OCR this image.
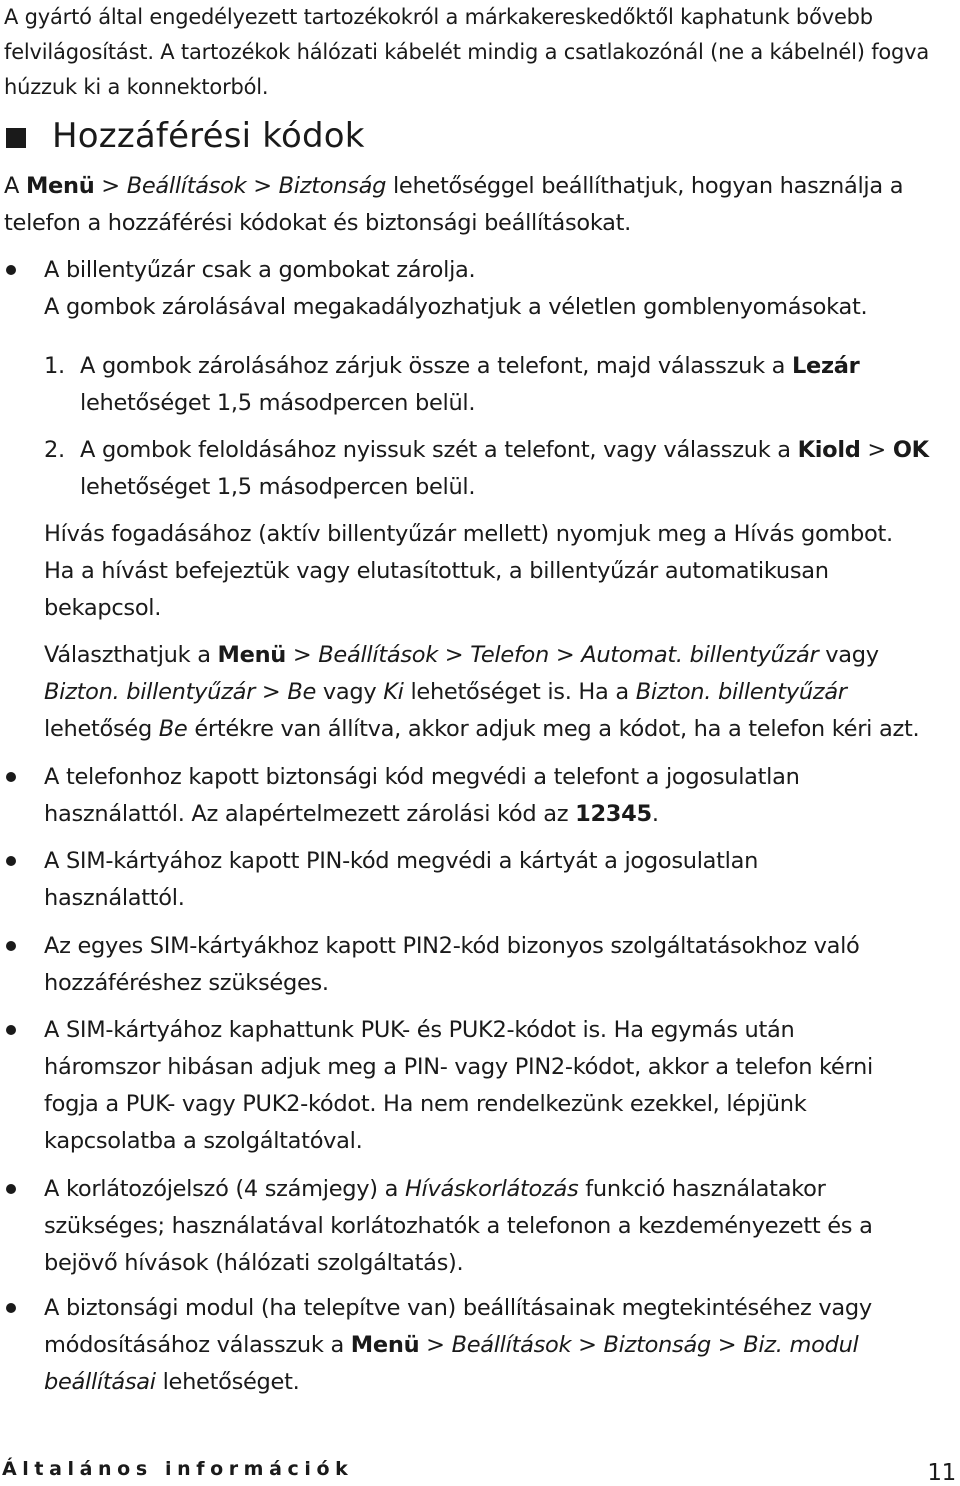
A gyártó által engedélyezett tartozékokról a márkakereskedőktől kaphatunk bővebb
felvilágosítást. A tartozékok hálózati kábelét mindig a csatlakozónál (ne a kábelnél) fogva
húzzuk ki a konnektorból.
Hozzáférési kódok
A Menü > Beállítások > Biztonság lehetőséggel beállíthatjuk, hogyan használja a
telefon a hozzáférési kódokat és biztonsági beállításokat.
A billentyűzár csak a gombokat zárolja.
A gombok zárolásával megakadályozhatjuk a véletlen gomblenyomásokat.
1. A gombok zárolásához zárjuk össze a telefont, majd válasszuk a Lezár
lehetőséget 1,5 másodpercen belül.
2. A gombok feloldásához nyissuk szét a telefont, vagy válasszuk a Kiold > OK
lehetőséget 1,5 másodpercen belül.
Hívás fogadásához (aktív billentyűzár mellett) nyomjuk meg a Hívás gombot.
Ha a hívást befejeztük vagy elutasítottuk, a billentyűzár automatikusan
bekapcsol.
Választhatjuk a Menü > Beállítások > Telefon > Automat. billentyűzár vagy
Bizton. billentyűzár > Be vagy Ki lehetőséget is. Ha a Bizton. billentyűzár
lehetőség Be értékre van állítva, akkor adjuk meg a kódot, ha a telefon kéri azt.
A telefonhoz kapott biztonsági kód megvédi a telefont a jogosulatlan
használattól. Az alapértelmezett zárolási kód az 12345.
A SIM-kártyához kapott PIN-kód megvédi a kártyát a jogosulatlan
használattól.
Az egyes SIM-kártyákhoz kapott PIN2-kód bizonyos szolgáltatásokhoz való
hozzáféréshez szükséges.
A SIM-kártyához kaphattunk PUK- és PUK2-kódot is. Ha egymás után
háromszor hibásan adjuk meg a PIN- vagy PIN2-kódot, akkor a telefon kérni
fogja a PUK- vagy PUK2-kódot. Ha nem rendelkezünk ezekkel, lépjünk
kapcsolatba a szolgáltatóval.
A korlátozójelszó (4 számjegy) a Híváskorlátozás funkció használatakor
szükséges; használatával korlátozhatók a telefonon a kezdeményezett és a
bejövő hívások (hálózati szolgáltatás).
A biztonsági modul (ha telepítve van) beállításainak megtekintéséhez vagy
módosításához válasszuk a Menü > Beállítások > Biztonság > Biz. modul
beállításai lehetőséget.
Általános információk	11
